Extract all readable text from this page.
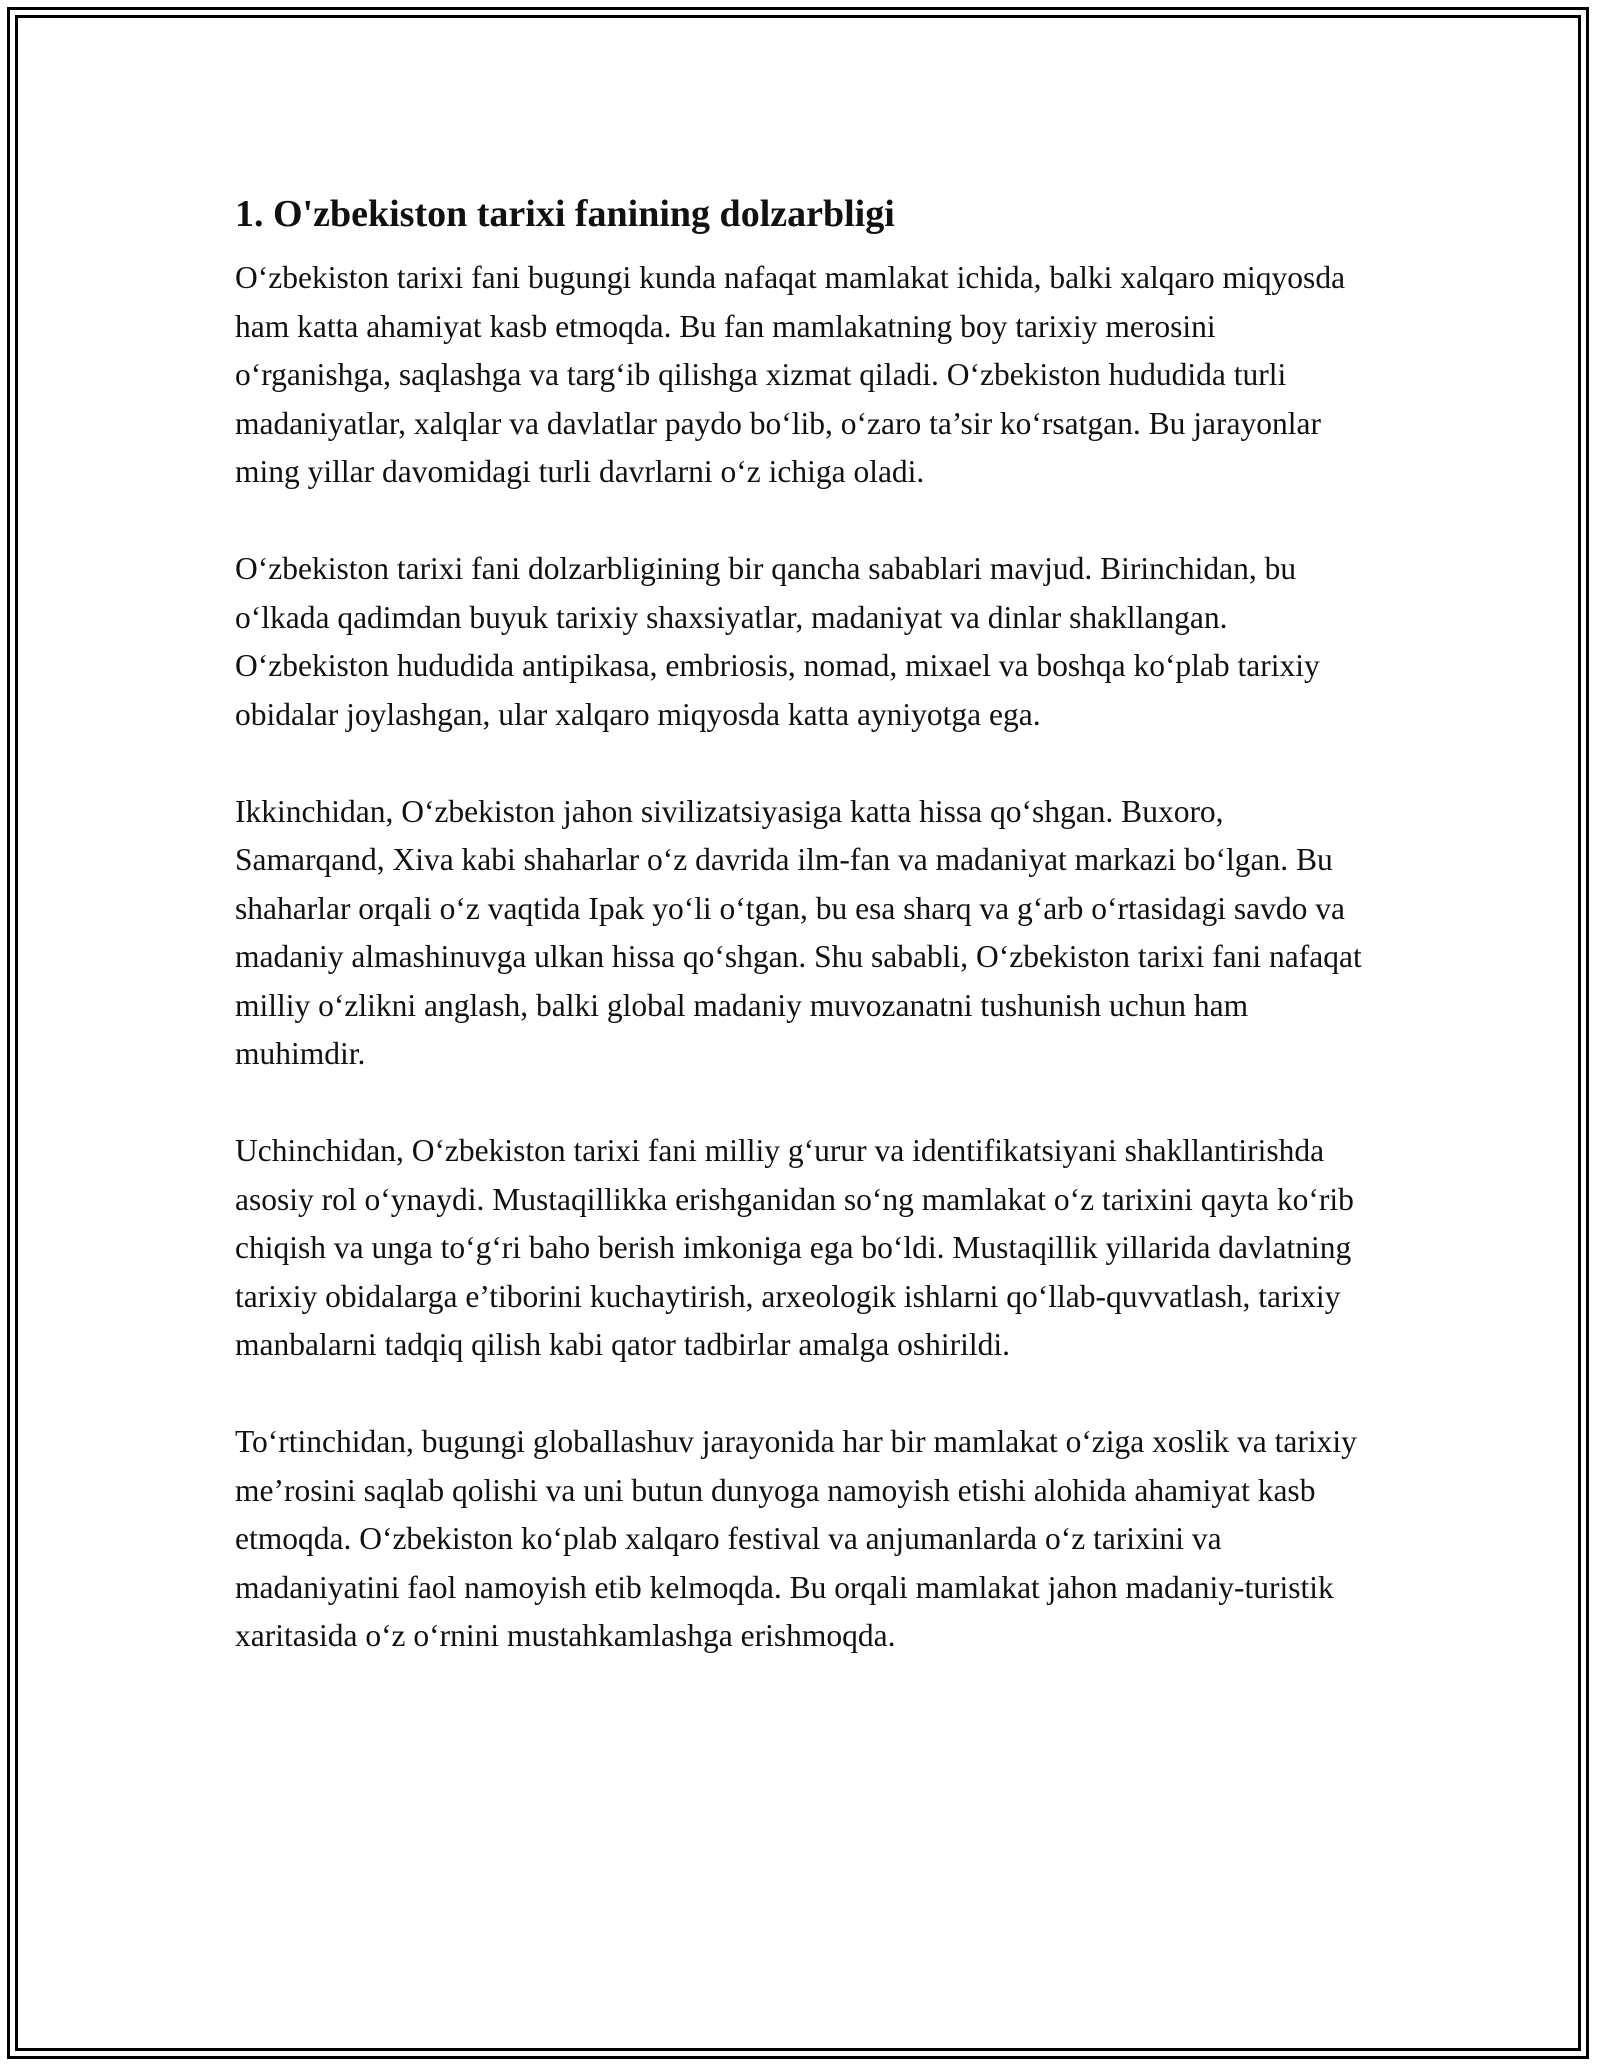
1. O'zbekiston tarixi fanining dolzarbligi

O‘zbekiston tarixi fani bugungi kunda nafaqat mamlakat ichida, balki xalqaro miqyosda ham katta ahamiyat kasb etmoqda. Bu fan mamlakatning boy tarixiy merosini o‘rganishga, saqlashga va targ‘ib qilishga xizmat qiladi. O‘zbekiston hududida turli madaniyatlar, xalqlar va davlatlar paydo bo‘lib, o‘zaro ta’sir ko‘rsatgan. Bu jarayonlar ming yillar davomidagi turli davrlarni o‘z ichiga oladi.

O‘zbekiston tarixi fani dolzarbligining bir qancha sabablari mavjud. Birinchidan, bu o‘lkada qadimdan buyuk tarixiy shaxsiyatlar, madaniyat va dinlar shakllangan. O‘zbekiston hududida antipikasa, embriosis, nomad, mixael va boshqa ko‘plab tarixiy obidalar joylashgan, ular xalqaro miqyosda katta ayniyotga ega.

Ikkinchidan, O‘zbekiston jahon sivilizatsiyasiga katta hissa qo‘shgan. Buxoro, Samarqand, Xiva kabi shaharlar o‘z davrida ilm-fan va madaniyat markazi bo‘lgan. Bu shaharlar orqali o‘z vaqtida Ipak yo‘li o‘tgan, bu esa sharq va g‘arb o‘rtasidagi savdo va madaniy almashinuvga ulkan hissa qo‘shgan. Shu sababli, O‘zbekiston tarixi fani nafaqat milliy o‘zlikni anglash, balki global madaniy muvozanatni tushunish uchun ham muhimdir.

Uchinchidan, O‘zbekiston tarixi fani milliy g‘urur va identifikatsiyani shakllantirishda asosiy rol o‘ynaydi. Mustaqillikka erishganidan so‘ng mamlakat o‘z tarixini qayta ko‘rib chiqish va unga to‘g‘ri baho berish imkoniga ega bo‘ldi. Mustaqillik yillarida davlatning tarixiy obidalarga e’tiborini kuchaytirish, arxeologik ishlarni qo‘llab-quvvatlash, tarixiy manbalarni tadqiq qilish kabi qator tadbirlar amalga oshirildi.

To‘rtinchidan, bugungi globallashuv jarayonida har bir mamlakat o‘ziga xoslik va tarixiy me’rosini saqlab qolishi va uni butun dunyoga namoyish etishi alohida ahamiyat kasb etmoqda. O‘zbekiston ko‘plab xalqaro festival va anjumanlarda o‘z tarixini va madaniyatini faol namoyish etib kelmoqda. Bu orqali mamlakat jahon madaniy-turistik xaritasida o‘z o‘rnini mustahkamlashga erishmoqda.
